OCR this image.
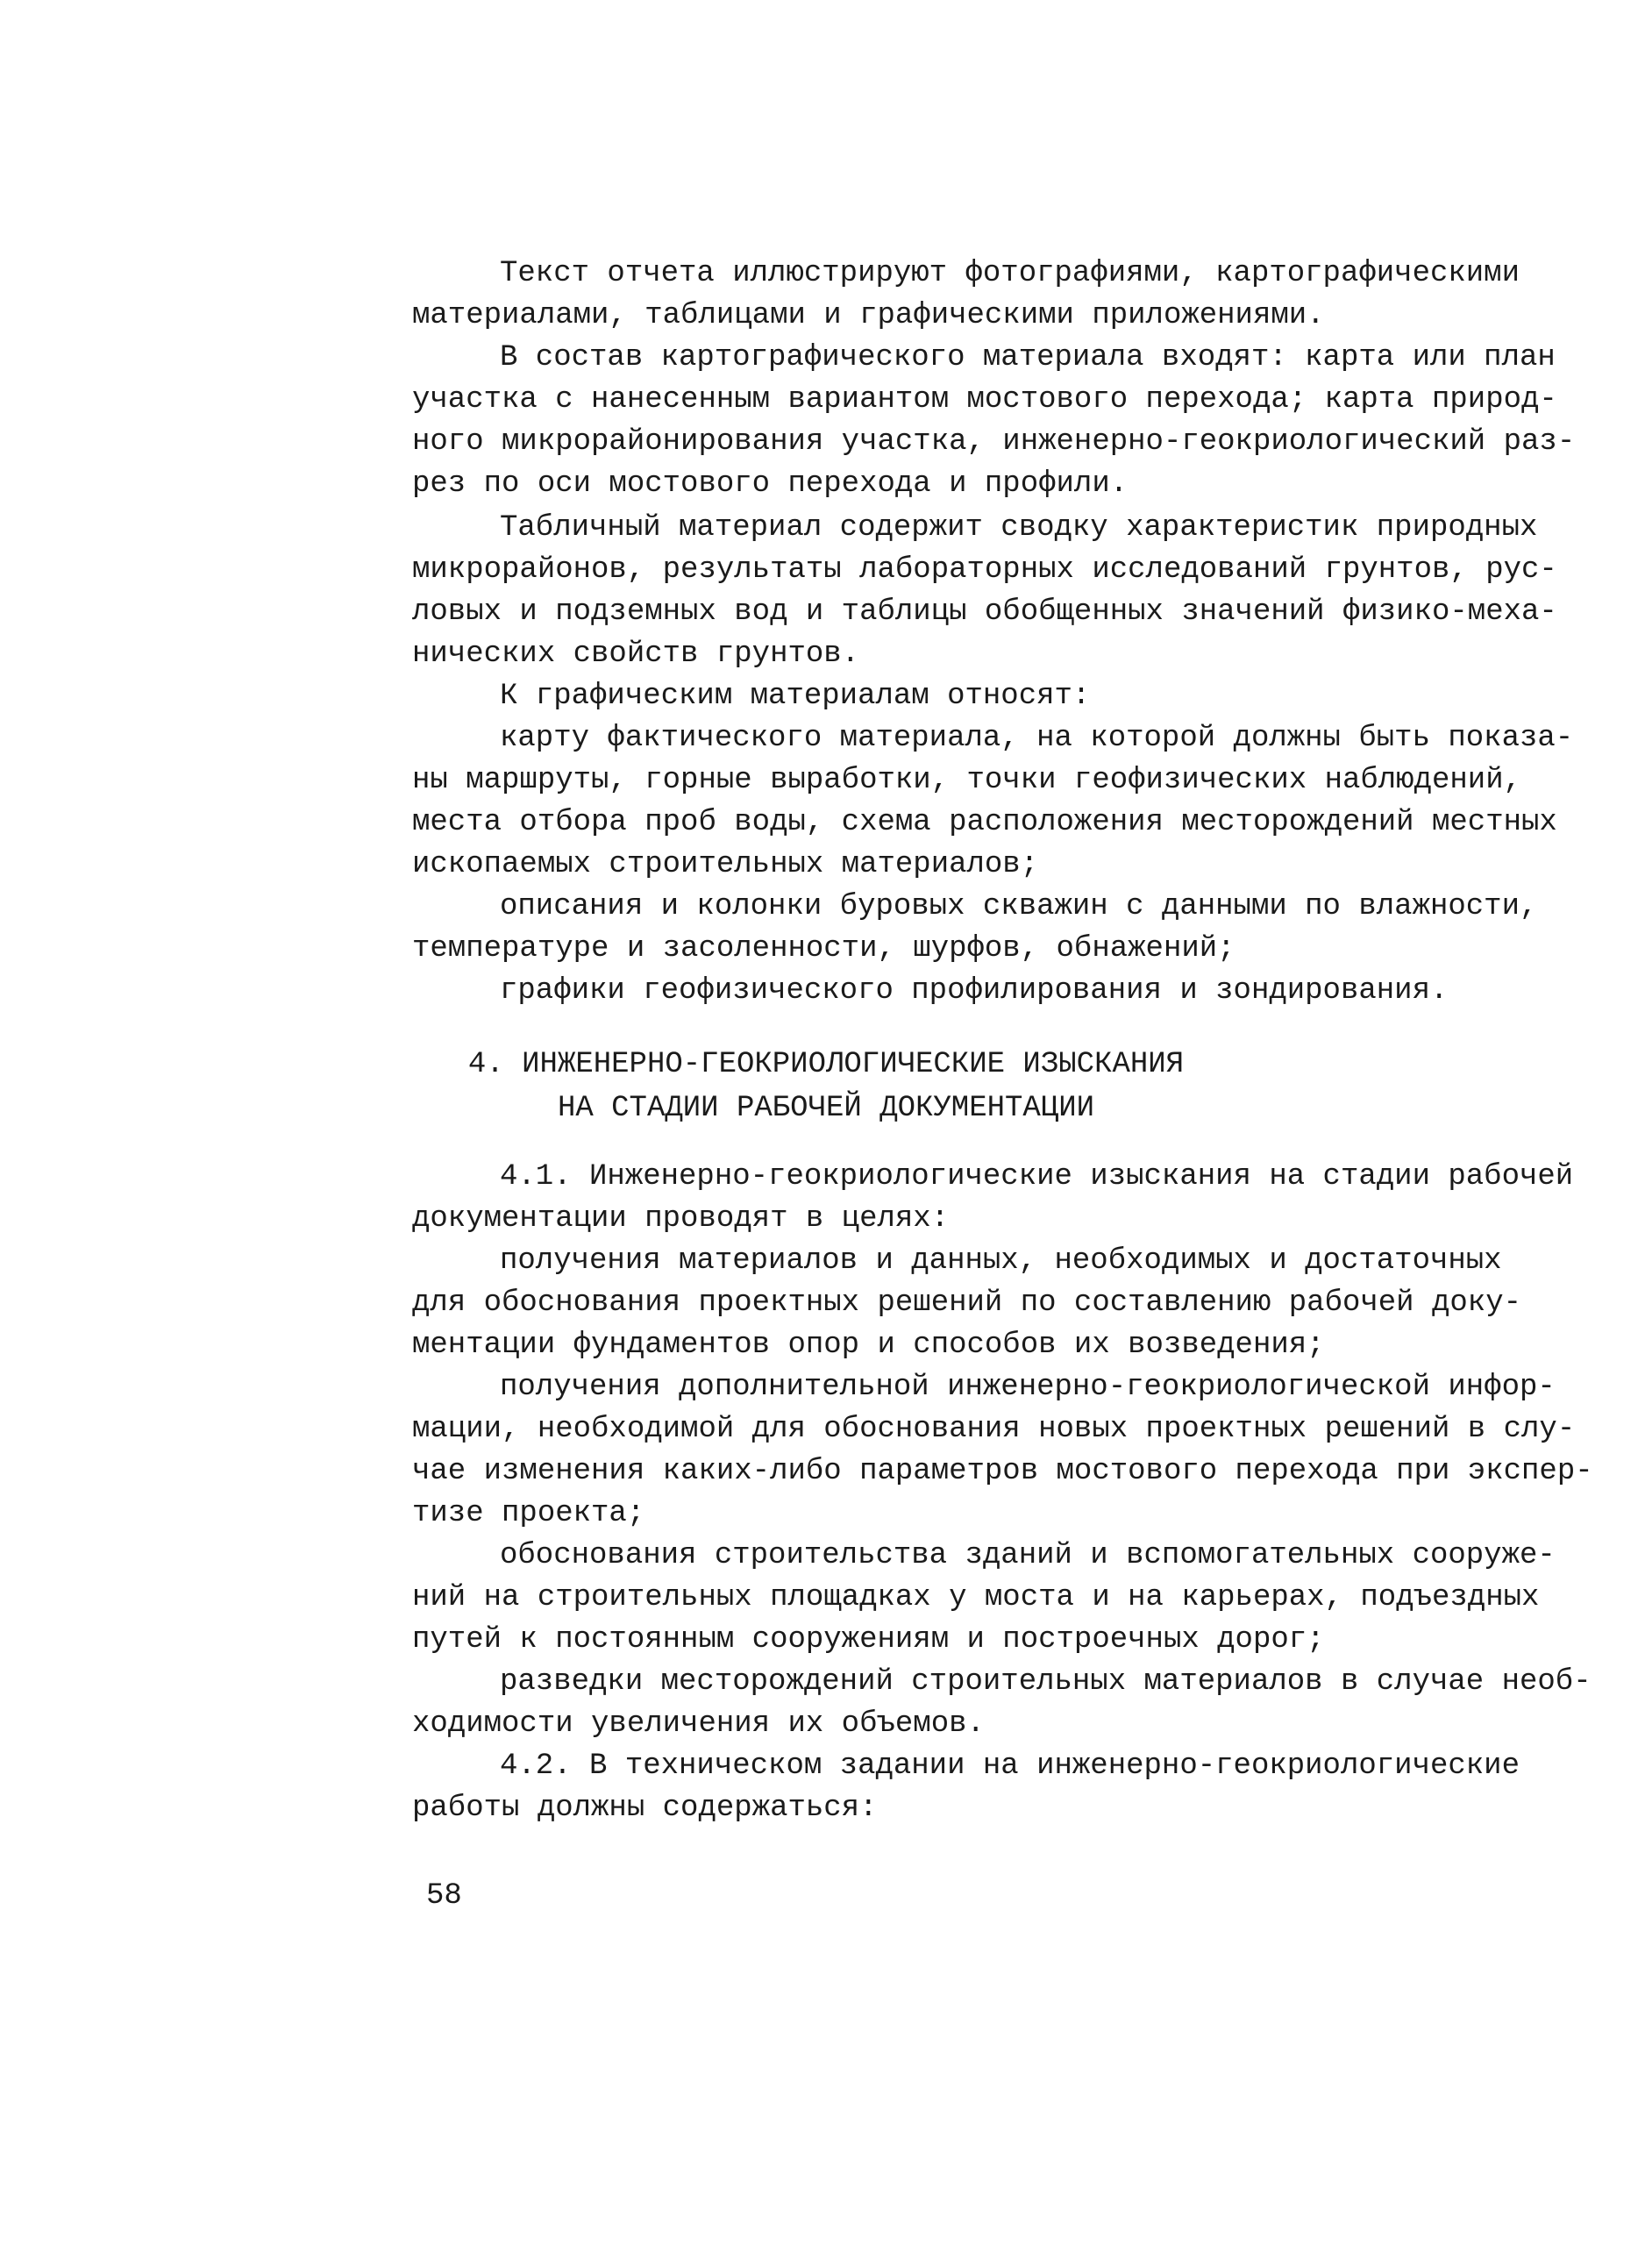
Текст отчета иллюстрируют фотографиями, картографическими
материалами, таблицами и графическими приложениями.
В состав картографического материала входят: карта или план
участка с нанесенным вариантом мостового перехода; карта природ-
ного микрорайонирования участка, инженерно-геокриологический раз-
рез по оси мостового перехода и профили.
Табличный материал содержит сводку характеристик природных
микрорайонов, результаты лабораторных исследований грунтов, рус-
ловых и подземных вод и таблицы обобщенных значений физико-меха-
нических свойств грунтов.
К графическим материалам относят:
карту фактического материала, на которой должны быть показа-
ны маршруты, горные выработки, точки геофизических наблюдений,
места отбора проб воды, схема расположения месторождений местных
ископаемых строительных материалов;
описания и колонки буровых скважин с данными по влажности,
температуре и засоленности, шурфов, обнажений;
графики геофизического профилирования и зондирования.
4. ИНЖЕНЕРНО-ГЕОКРИОЛОГИЧЕСКИЕ ИЗЫСКАНИЯ
НА СТАДИИ РАБОЧЕЙ ДОКУМЕНТАЦИИ
4.1. Инженерно-геокриологические изыскания на стадии рабочей
документации проводят в целях:
получения материалов и данных, необходимых и достаточных
для обоснования проектных решений по составлению рабочей доку-
ментации фундаментов опор и способов их возведения;
получения дополнительной инженерно-геокриологической инфор-
мации, необходимой для обоснования новых проектных решений в слу-
чае изменения каких-либо параметров мостового перехода при экспер-
тизе проекта;
обоснования строительства зданий и вспомогательных сооруже-
ний на строительных площадках у моста и на карьерах, подъездных
путей к постоянным сооружениям и построечных дорог;
разведки месторождений строительных материалов в случае необ-
ходимости увеличения их объемов.
4.2. В техническом задании на инженерно-геокриологические
работы должны содержаться:
58
